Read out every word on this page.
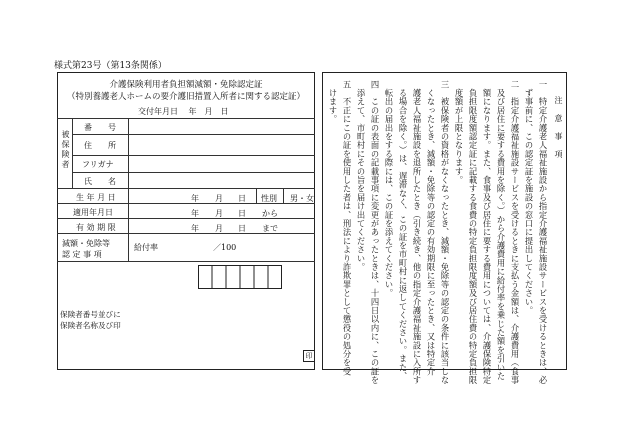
様式第23号（第13条関係）
介護保険利用者負担額減額・免除認定証
（特別養護老人ホームの要介護旧措置入所者に関する認定証）
交付年月日　 年　月　日
被保険者
番　　号
住　　所
フリガナ
氏　　名
生 年 月 日
適用年月日
有 効 期 限
年 月 日 性別 男・女
年 月 日 から
年 月 日 まで
減額・免除等
認 定 事 項
給付率	／100
保険者番号並びに
保険者名称及び印
印
注　意　事　項
一　特定介護老人福祉施設から指定介護福祉施設サービスを受けるときは、必
　ず事前に、この認定証を施設の窓口に提出してください。
二　指定介護福祉施設サービスを受けるときに支払う金額は、介護費用（食事
　及び居住に要する費用を除く。）から介護費用に給付率を乗じた額を引いた
　額になります。また、食事及び居住に要する費用については、介護保険特定
　負担限度額認定証に記載する食費の特定負担限度額及び居住費の特定負担限
　度額が上限となります。
三　被保険者の資格がなくなったとき、減額・免除等の認定の条件に該当しな
　くなったとき、減額・免除等の認定の有効期限に至ったとき、又は特定介
　護老人福祉施設を退所したとき（引き続き、他の指定介護福祉施設に入所す
　る場合を除く。）は、遅滞なく、この証を市町村に返してください。また、
　転出の届出をする際には、この証を添えてください。
四　この証の表面の記載事項に変更があったときは、十四日以内に、この証を
　添えて、市町村にその旨を届け出てください。
五　不正にこの証を使用した者は、刑法により詐欺罪として懲役の処分を受
　けます。
